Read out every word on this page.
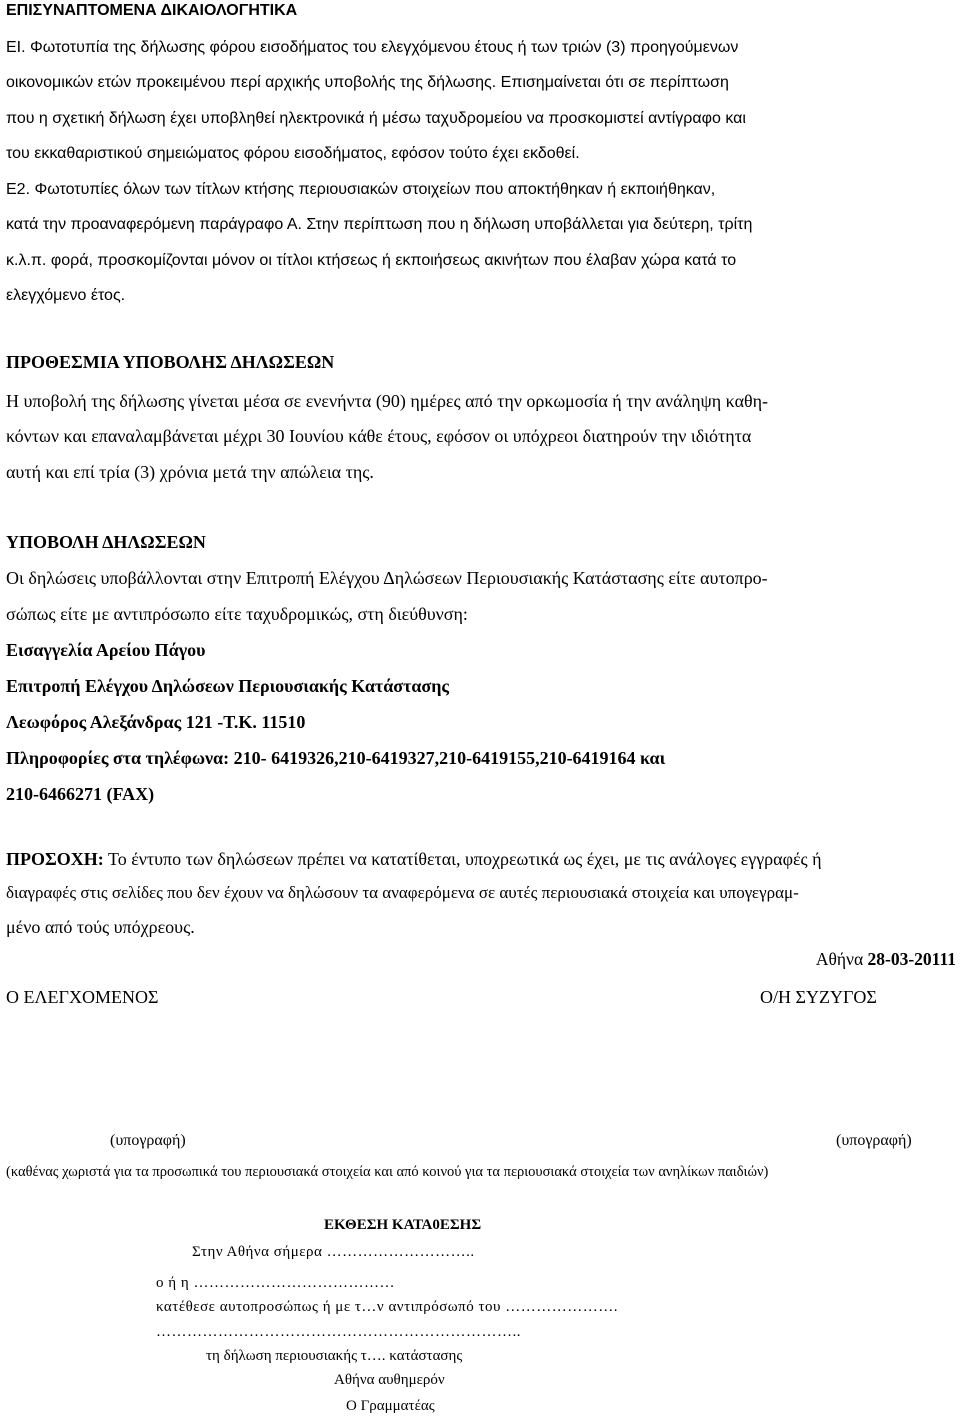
ΕΠΙΣΥΝΑΠΤΟΜΕΝΑ ΔΙΚΑΙΟΛΟΓΗΤΙΚΑ
ΕΙ. Φωτοτυπία της δήλωσης φόρου εισοδήματος του ελεγχόμενου έτους ή των τριών (3) προηγούμενων
οικονομικών ετών προκειμένου περί αρχικής υποβολής της δήλωσης. Επισημαίνεται ότι σε περίπτωση
που η σχετική δήλωση έχει υποβληθεί ηλεκτρονικά ή μέσω ταχυδρομείου να προσκομιστεί αντίγραφο και
του εκκαθαριστικού σημειώματος φόρου εισοδήματος, εφόσον τούτο έχει εκδοθεί.
Ε2. Φωτοτυπίες όλων των τίτλων κτήσης περιουσιακών στοιχείων που αποκτήθηκαν ή εκποιήθηκαν,
κατά την προαναφερόμενη παράγραφο Α. Στην περίπτωση που η δήλωση υποβάλλεται για δεύτερη, τρίτη
κ.λ.π. φορά, προσκομίζονται μόνον οι τίτλοι κτήσεως ή εκποιήσεως ακινήτων που έλαβαν χώρα κατά το
ελεγχόμενο έτος.
ΠΡΟΘΕΣΜΙΑ ΥΠΟΒΟΛΗΣ ΔΗΛΩΣΕΩΝ
Η υποβολή της δήλωσης γίνεται μέσα σε ενενήντα (90) ημέρες από την ορκωμοσία ή την ανάληψη καθη-
κόντων και επαναλαμβάνεται μέχρι 30 Ιουνίου κάθε έτους, εφόσον οι υπόχρεοι διατηρούν την ιδιότητα
αυτή και επί τρία (3) χρόνια μετά την απώλεια της.
ΥΠΟΒΟΛΗ ΔΗΛΩΣΕΩΝ
Οι δηλώσεις υποβάλλονται στην Επιτροπή Ελέγχου Δηλώσεων Περιουσιακής Κατάστασης είτε αυτοπρο-
σώπως είτε με αντιπρόσωπο είτε ταχυδρομικώς, στη διεύθυνση:
Εισαγγελία Αρείου Πάγου
Επιτροπή Ελέγχου Δηλώσεων Περιουσιακής Κατάστασης
Λεωφόρος Αλεξάνδρας 121 -Τ.Κ. 11510
Πληροφορίες στα τηλέφωνα: 210- 6419326,210-6419327,210-6419155,210-6419164 και
210-6466271 (FAX)
ΠΡΟΣΟΧΗ: Το έντυπο των δηλώσεων πρέπει να κατατίθεται, υποχρεωτικά ως έχει, με τις ανάλογες εγγραφές ή
διαγραφές στις σελίδες που δεν έχουν να δηλώσουν τα αναφερόμενα σε αυτές περιουσιακά στοιχεία και υπογεγραμ-
μένο από τούς υπόχρεους.
Αθήνα 28-03-20111
Ο ΕΛΕΓΧΟΜΕΝΟΣ	Ο/Η ΣΥΖΥΓΟΣ
(υπογραφή)	(υπογραφή)
(καθένας χωριστά για τα προσωπικά του περιουσιακά στοιχεία και από κοινού για τα περιουσιακά στοιχεία των ανηλίκων παιδιών)
ΕΚΘΕΣΗ ΚΑΤΑ0ΕΣΗΣ
Στην Αθήνα σήμερα ………………………..
ο ή η …………………………………
κατέθεσε αυτοπροσώπως ή με τ…ν αντιπρόσωπό του ………………….
……………………………………………………………..
τη δήλωση περιουσιακής τ…. κατάστασης
Αθήνα αυθημερόν
Ο Γραμματέας
